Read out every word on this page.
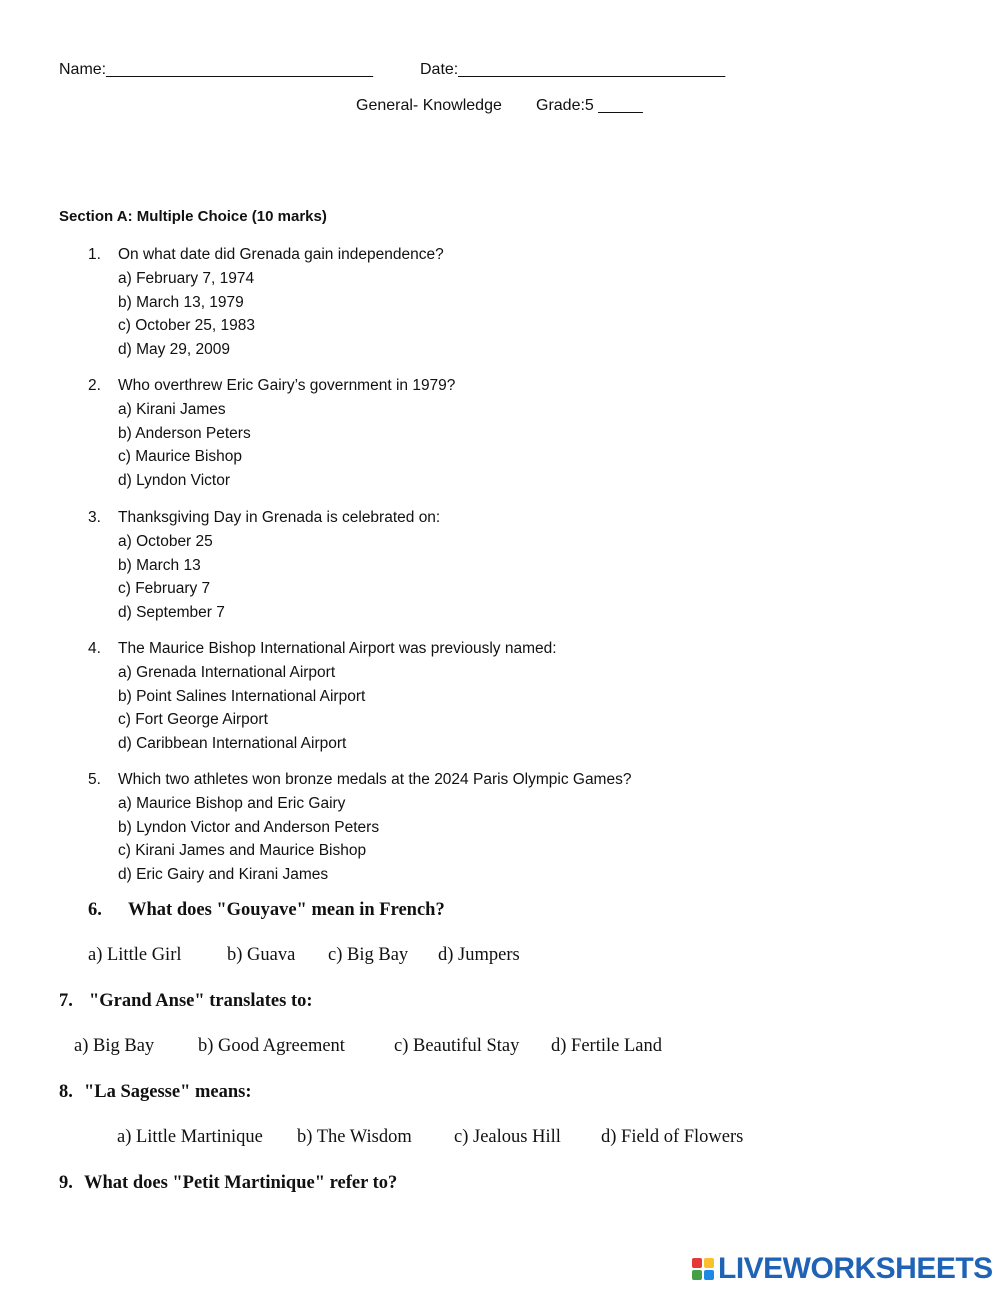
Name:______________________________	Date:______________________________
General- Knowledge Grade:5 _____
Section A: Multiple Choice (10 marks)
1.	On what date did Grenada gain independence?
a) February 7, 1974
b) March 13, 1979
c) October 25, 1983
d) May 29, 2009
2.	Who overthrew Eric Gairy’s government in 1979?
a) Kirani James
b) Anderson Peters
c) Maurice Bishop
d) Lyndon Victor
3.	Thanksgiving Day in Grenada is celebrated on:
a) October 25
b) March 13
c) February 7
d) September 7
4.	The Maurice Bishop International Airport was previously named:
a) Grenada International Airport
b) Point Salines International Airport
c) Fort George Airport
d) Caribbean International Airport
5.	Which two athletes won bronze medals at the 2024 Paris Olympic Games?
a) Maurice Bishop and Eric Gairy
b) Lyndon Victor and Anderson Peters
c) Kirani James and Maurice Bishop
d) Eric Gairy and Kirani James
6. What does "Gouyave" mean in French?
a) Little Girl b) Guava c) Big Bay d) Jumpers
7. "Grand Anse" translates to:
a) Big Bay b) Good Agreement	c) Beautiful Stay d) Fertile Land
8. "La Sagesse" means:
a) Little Martinique b) The Wisdom c) Jealous Hill d) Field of Flowers
9. What does "Petit Martinique" refer to?
LIVEWORKSHEETS
